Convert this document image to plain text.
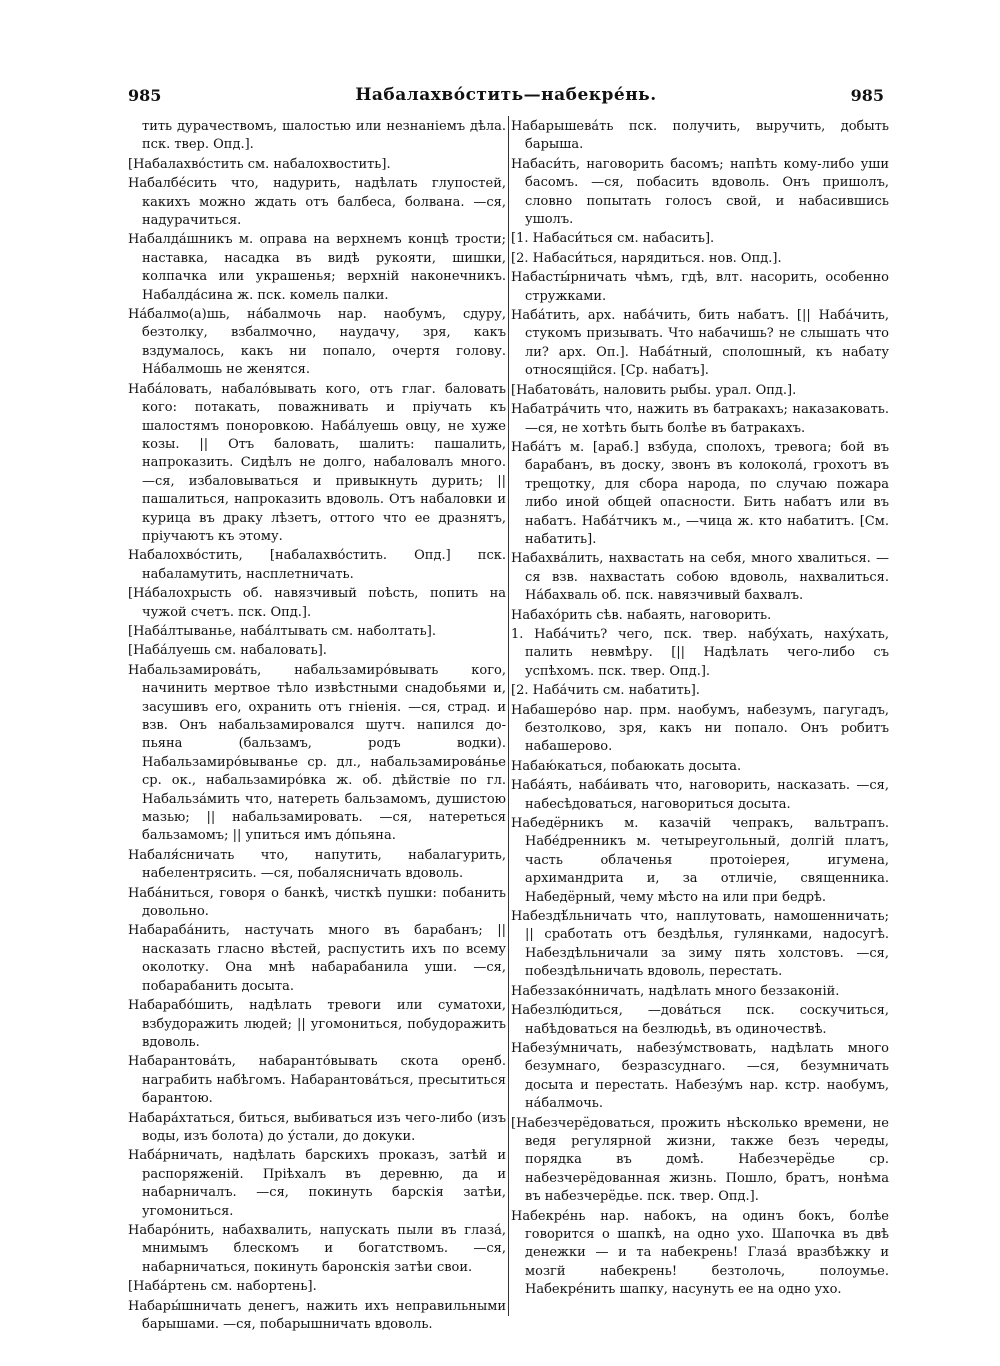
985	Набалахво́стить—набекре́нь.	985

тить дурачествомъ, шалостью или незнанiемъ дѣла. пск. твер. Опд.].

[Набалахво́стить см. набалохвостить].

Набалбе́сить что, надурить, надѣлать глупостей, какихъ можно ждать отъ балбеса, болвана. —ся, надурачиться.

Набалда́шникъ м. оправа на верхнемъ концѣ трости; наставка, насадка въ видѣ рукояти, шишки, колпачка или украшенья; верхнiй наконечникъ. Набалда́сина ж. пск. комель палки.

На́балмо(а)шь, на́балмочь нар. наобумъ, сдуру, безтолку, взбалмочно, наудачу, зря, какъ вздумалось, какъ ни попало, очертя голову. На́балмошь не женятся.

Наба́ловать, набало́вывать кого, отъ глаг. баловать кого: потакать, поважнивать и прiучать къ шалостямъ поноровкою. Наба́луешь овцу, не хуже козы. || Отъ баловать, шалить: пашалить, напроказить. Сидѣлъ не долго, набаловалъ много. —ся, избаловываться и привыкнуть дурить; || пашалиться, напроказить вдоволь. Отъ набаловки и курица въ драку лѣзетъ, оттого что ее дразнятъ, прiучаютъ къ этому.

Набалохво́стить, [набалахво́стить. Опд.] пск. набаламутить, насплетничать.

[На́балохрысть об. навязчивый поѣсть, попить на чужой счетъ. пск. Опд.].

[Наба́лтыванье, наба́лтывать см. наболтать].

[Наба́луешь см. набаловать].

Набальзамирова́ть, набальзамиро́вывать кого, начинить мертвое тѣло извѣстными снадобьями и, засушивъ его, охранить отъ гнiенiя. —ся, страд. и взв. Онъ набальзамировался шутч. напился до-пьяна (бальзамъ, родъ водки). Набальзамиро́выванье ср. дл., набальзамирова́нье ср. ок., набальзамиро́вка ж. об. дѣйствiе по гл. Набальза́мить что, натереть бальзамомъ, душистою мазью; || набальзамировать. —ся, натереться бальзамомъ; || упиться имъ до́пьяна.

Набаля́сничать что, напутить, набалагурить, набелентрясить. —ся, побалясничать вдоволь.

Наба́ниться, говоря о банкѣ, чисткѣ пушки: побанить довольно.

Набараба́нить, настучать много въ барабанъ; || насказать гласно вѣстей, распустить ихъ по всему околотку. Она мнѣ набарабанила уши. —ся, побарабанить досыта.

Набарабо́шить, надѣлать тревоги или суматохи, взбудоражить людей; || угомониться, побудоражить вдоволь.

Набарантова́ть, набаранто́вывать скота оренб. награбить набѣгомъ. Набарантова́ться, пресытиться барантою.

Набара́хтаться, биться, выбиваться изъ чего-либо (изъ воды, изъ болота) до у́стали, до докуки.

Наба́рничать, надѣлать барскихъ проказъ, затѣй и распоряженiй. Прiѣхалъ въ деревню, да и набарничалъ. —ся, покинуть барскiя затѣи, угомониться.

Набаро́нить, набахвалить, напускать пыли въ глаза́, мнимымъ блескомъ и богатствомъ. —ся, набарничаться, покинуть баронскiя затѣи свои.

[Наба́ртень см. набортень].

Набары́шничать денегъ, нажить ихъ неправильными барышами. —ся, побарышничать вдоволь.

Набарышева́ть пск. получить, выручить, добыть барыша.

Набаси́ть, наговорить басомъ; напѣть кому-либо уши басомъ. —ся, побасить вдоволь. Онъ пришолъ, словно попытать голосъ свой, и набасившись ушолъ.

[1. Набаси́ться см. набасить].

[2. Набаси́ться, нарядиться. нов. Опд.].

Набасты́рничать чѣмъ, гдѣ, влт. насорить, особенно стружками.

Наба́тить, арх. наба́чить, бить набатъ. [|| Наба́чить, стукомъ призывать. Что набачишь? не слышать что ли? арх. Оп.]. Наба́тный, сполошный, къ набату относящiйся. [Ср. набатъ].

[Набатова́ть, наловить рыбы. урал. Опд.].

Набатра́чить что, нажить въ батракахъ; наказаковать. —ся, не хотѣть быть болѣе въ батракахъ.

Наба́тъ м. [араб.] взбуда, сполохъ, тревога; бой въ барабанъ, въ доску, звонъ въ колокола́, грохотъ въ трещотку, для сбора народа, по случаю пожара либо иной общей опасности. Бить набатъ или въ набатъ. Наба́тчикъ м., —чица ж. кто набатитъ. [См. набатить].

Набахва́лить, нахвастать на себя, много хвалиться. —ся взв. нахвастать собою вдоволь, нахвалиться. На́бахваль об. пск. навязчивый бахвалъ.

Набахо́рить сѣв. набаять, наговорить.

1. Наба́чить? чего, пск. твер. набу́хать, наху́хать, палить невмѣру. [|| Надѣлать чего-либо съ успѣхомъ. пск. твер. Опд.].

[2. Наба́чить см. набатить].

Набашеро́во нар. прм. наобумъ, набезумъ, пагугадъ, безтолково, зря, какъ ни попало. Онъ робитъ набашерово.

Набаю́каться, побаюкать досыта.

Наба́ять, наба́ивать что, наговорить, насказать. —ся, набесѣдоваться, наговориться досыта.

Набедёрникъ м. казачiй чепракъ, вальтрапъ. Набе́дренникъ м. четыреугольный, долгiй платъ, часть облаченья протоiерея, игумена, архимандрита и, за отличiе, священника. Набедёрный, чему мѣсто на или при бедрѣ.

Набездѣ́льничать что, наплутовать, намошенничать; || сработать отъ бездѣлья, гулянками, надосугѣ. Набездѣльничали за зиму пять холстовъ. —ся, побездѣльничать вдоволь, перестать.

Набеззако́нничать, надѣлать много беззаконiй.

Набезлю́диться, —дова́ться пск. соскучиться, набѣдоваться на безлюдьѣ, въ одиночествѣ.

Набезу́мничать, набезу́мствовать, надѣлать много безумнаго, безразсуднаго. —ся, безумничать досыта и перестать. Набезу́мъ нар. кстр. наобумъ, на́балмочь.

[Набезчерёдоваться, прожить нѣсколько времени, не ведя регулярной жизни, также безъ череды, порядка въ домѣ. Набезчерёдье ср. набезчерёдованная жизнь. Пошло, братъ, нонѣма въ набезчерёдье. пск. твер. Опд.].

Набекре́нь нар. набокъ, на одинъ бокъ, болѣе говорится о шапкѣ, на одно ухо. Шапочка въ двѣ денежки — и та набекрень! Глаза́ вразбѣжку и мозгй набекрень! безтолочь, полоумье. Набекре́нить шапку, насунуть ее на одно ухо.
